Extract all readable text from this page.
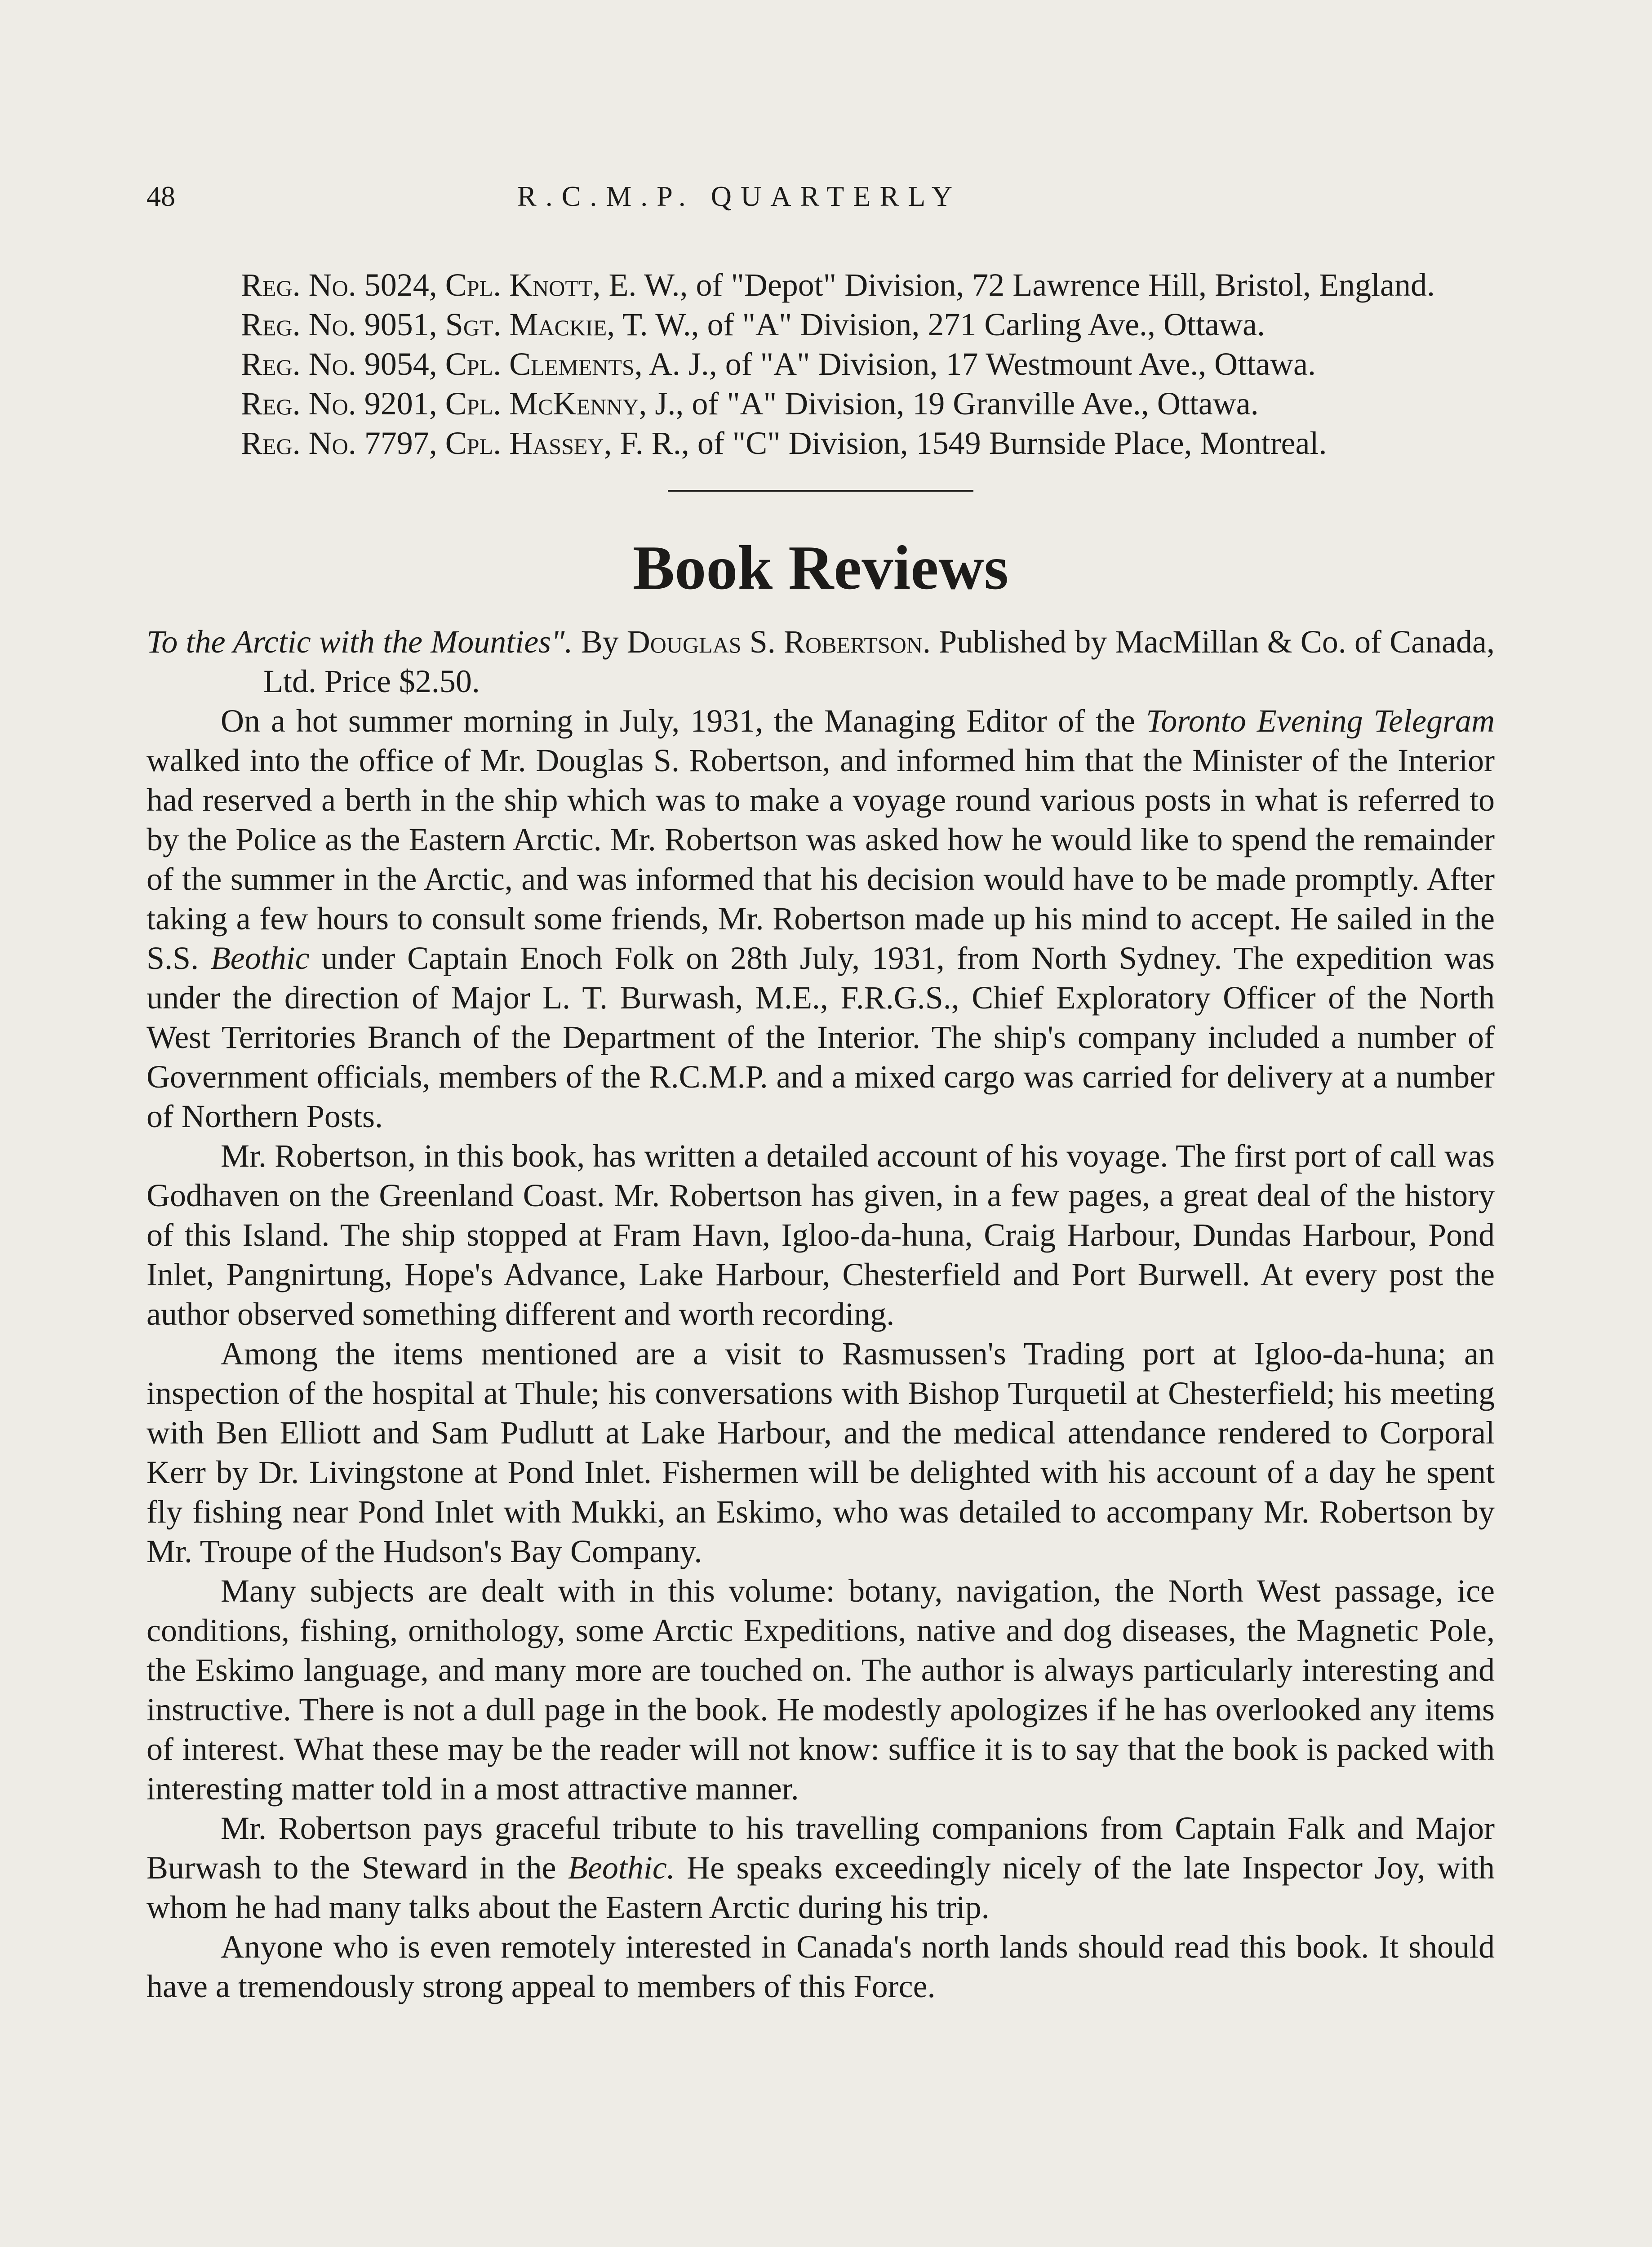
48	R.C.M.P. QUARTERLY

Reg. No. 5024, Cpl. Knott, E. W., of "Depot" Division, 72 Lawrence Hill, Bristol, England.

Reg. No. 9051, Sgt. Mackie, T. W., of "A" Division, 271 Carling Ave., Ottawa.

Reg. No. 9054, Cpl. Clements, A. J., of "A" Division, 17 Westmount Ave., Ottawa.

Reg. No. 9201, Cpl. McKenny, J., of "A" Division, 19 Granville Ave., Ottawa.

Reg. No. 7797, Cpl. Hassey, F. R., of "C" Division, 1549 Burnside Place, Montreal.

Book Reviews

To the Arctic with the Mounties". By Douglas S. Robertson. Published by MacMillan & Co. of Canada, Ltd. Price $2.50.

On a hot summer morning in July, 1931, the Managing Editor of the Toronto Evening Telegram walked into the office of Mr. Douglas S. Robertson, and informed him that the Minister of the Interior had reserved a berth in the ship which was to make a voyage round various posts in what is referred to by the Police as the Eastern Arctic. Mr. Robertson was asked how he would like to spend the remainder of the summer in the Arctic, and was informed that his decision would have to be made promptly. After taking a few hours to consult some friends, Mr. Robertson made up his mind to accept. He sailed in the S.S. Beothic under Captain Enoch Folk on 28th July, 1931, from North Sydney. The expedition was under the direction of Major L. T. Burwash, M.E., F.R.G.S., Chief Exploratory Officer of the North West Territories Branch of the Department of the Interior. The ship's company included a number of Government officials, members of the R.C.M.P. and a mixed cargo was carried for delivery at a number of Northern Posts.

Mr. Robertson, in this book, has written a detailed account of his voyage. The first port of call was Godhaven on the Greenland Coast. Mr. Robertson has given, in a few pages, a great deal of the history of this Island. The ship stopped at Fram Havn, Igloo-da-huna, Craig Harbour, Dundas Harbour, Pond Inlet, Pangnirtung, Hope's Advance, Lake Harbour, Chesterfield and Port Burwell. At every post the author observed something different and worth recording.

Among the items mentioned are a visit to Rasmussen's Trading port at Igloo-da-huna; an inspection of the hospital at Thule; his conversations with Bishop Turquetil at Chesterfield; his meeting with Ben Elliott and Sam Pudlutt at Lake Harbour, and the medical attendance rendered to Corporal Kerr by Dr. Livingstone at Pond Inlet. Fishermen will be delighted with his account of a day he spent fly fishing near Pond Inlet with Mukki, an Eskimo, who was detailed to accompany Mr. Robertson by Mr. Troupe of the Hudson's Bay Company.

Many subjects are dealt with in this volume: botany, navigation, the North West passage, ice conditions, fishing, ornithology, some Arctic Expeditions, native and dog diseases, the Magnetic Pole, the Eskimo language, and many more are touched on. The author is always particularly interesting and instructive. There is not a dull page in the book. He modestly apologizes if he has overlooked any items of interest. What these may be the reader will not know: suffice it is to say that the book is packed with interesting matter told in a most attractive manner.

Mr. Robertson pays graceful tribute to his travelling companions from Captain Falk and Major Burwash to the Steward in the Beothic. He speaks exceedingly nicely of the late Inspector Joy, with whom he had many talks about the Eastern Arctic during his trip.

Anyone who is even remotely interested in Canada's north lands should read this book. It should have a tremendously strong appeal to members of this Force.
